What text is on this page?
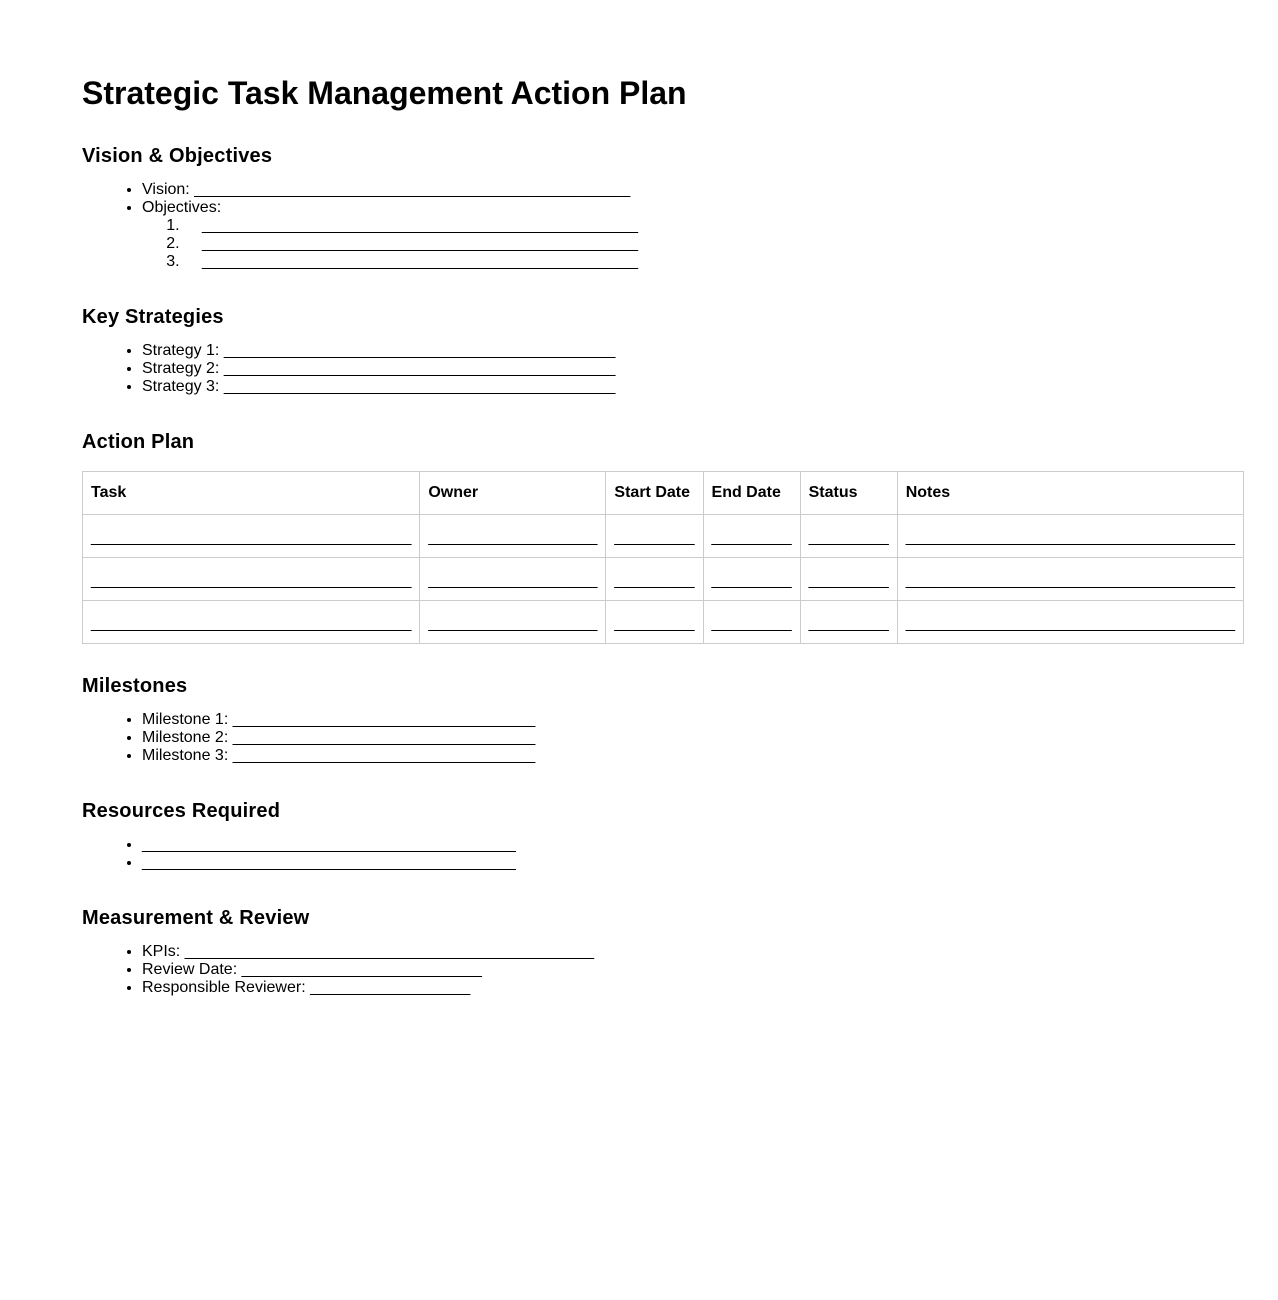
Strategic Task Management Action Plan
Vision & Objectives
• Vision: _________________________________________________
• Objectives:
1. _________________________________________________
2. _________________________________________________
3. _________________________________________________
Key Strategies
• Strategy 1: ____________________________________________
• Strategy 2: ____________________________________________
• Strategy 3: ____________________________________________
Action Plan
Task	Owner	Start Date	End Date	Status	Notes
____________________________________	___________________	_________	_________	_________	_____________________________________
____________________________________	___________________	_________	_________	_________	_____________________________________
____________________________________	___________________	_________	_________	_________	_____________________________________
Milestones
• Milestone 1: __________________________________
• Milestone 2: __________________________________
• Milestone 3: __________________________________
Resources Required
• __________________________________________
• __________________________________________
Measurement & Review
• KPIs: ______________________________________________
• Review Date: ___________________________
• Responsible Reviewer: __________________
